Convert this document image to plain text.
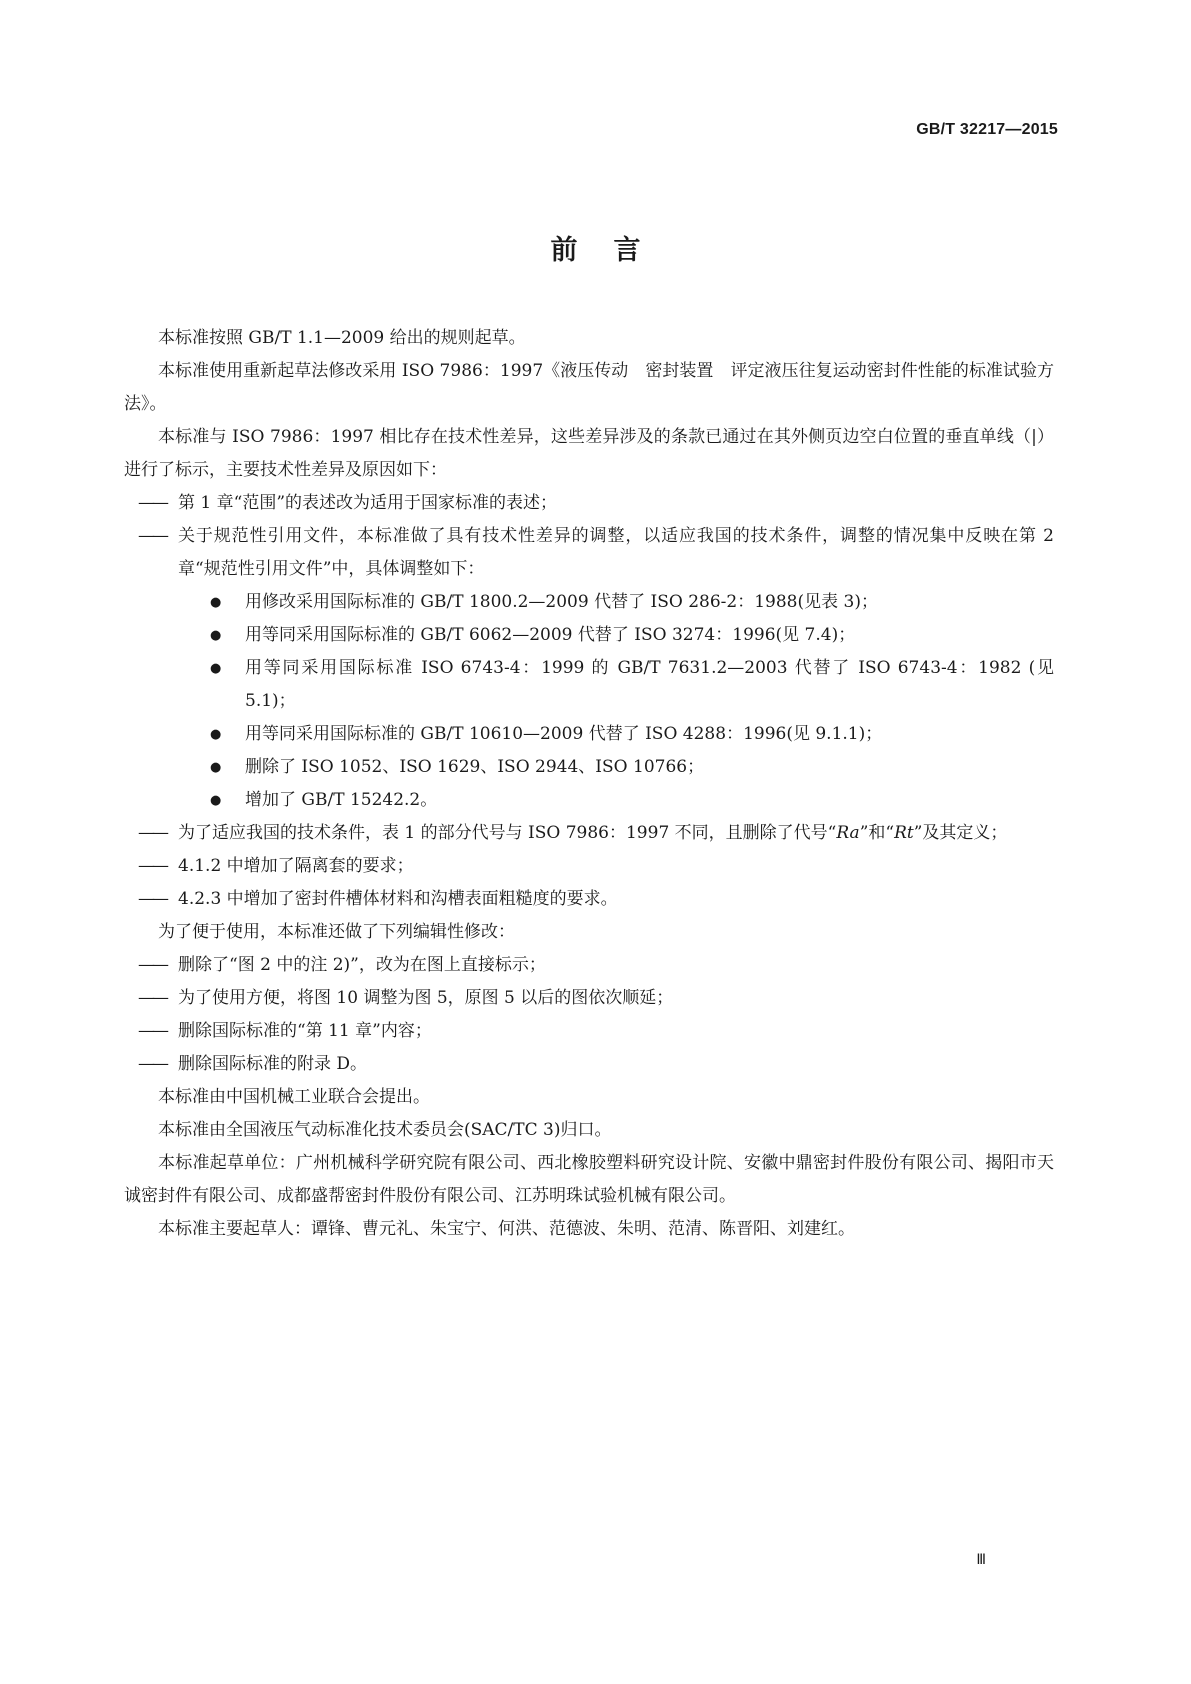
GB/T 32217—2015
前言

本标准按照 GB/T 1.1—2009 给出的规则起草。

本标准使用重新起草法修改采用 ISO 7986：1997《液压传动　密封装置　评定液压往复运动密封件性能的标准试验方法》。

本标准与 ISO 7986：1997 相比存在技术性差异，这些差异涉及的条款已通过在其外侧页边空白位置的垂直单线（|）进行了标示，主要技术性差异及原因如下：

—— 第 1 章“范围”的表述改为适用于国家标准的表述；

—— 关于规范性引用文件，本标准做了具有技术性差异的调整，以适应我国的技术条件，调整的情况集中反映在第 2 章“规范性引用文件”中，具体调整如下：

● 用修改采用国际标准的 GB/T 1800.2—2009 代替了 ISO 286-2：1988(见表 3)；

● 用等同采用国际标准的 GB/T 6062—2009 代替了 ISO 3274：1996(见 7.4)；

● 用等同采用国际标准 ISO 6743-4：1999 的 GB/T 7631.2—2003 代替了 ISO 6743-4：1982 (见 5.1)；

● 用等同采用国际标准的 GB/T 10610—2009 代替了 ISO 4288：1996(见 9.1.1)；

● 删除了 ISO 1052、ISO 1629、ISO 2944、ISO 10766；

● 增加了 GB/T 15242.2。

—— 为了适应我国的技术条件，表 1 的部分代号与 ISO 7986：1997 不同，且删除了代号“Ra”和“Rt”及其定义；

—— 4.1.2 中增加了隔离套的要求；

—— 4.2.3 中增加了密封件槽体材料和沟槽表面粗糙度的要求。

为了便于使用，本标准还做了下列编辑性修改：

—— 删除了“图 2 中的注 2)”，改为在图上直接标示；

—— 为了使用方便，将图 10 调整为图 5，原图 5 以后的图依次顺延；

—— 删除国际标准的“第 11 章”内容；

—— 删除国际标准的附录 D。

本标准由中国机械工业联合会提出。

本标准由全国液压气动标准化技术委员会(SAC/TC 3)归口。

本标准起草单位：广州机械科学研究院有限公司、西北橡胶塑料研究设计院、安徽中鼎密封件股份有限公司、揭阳市天诚密封件有限公司、成都盛帮密封件股份有限公司、江苏明珠试验机械有限公司。

本标准主要起草人：谭锋、曹元礼、朱宝宁、何洪、范德波、朱明、范清、陈晋阳、刘建红。

Ⅲ
